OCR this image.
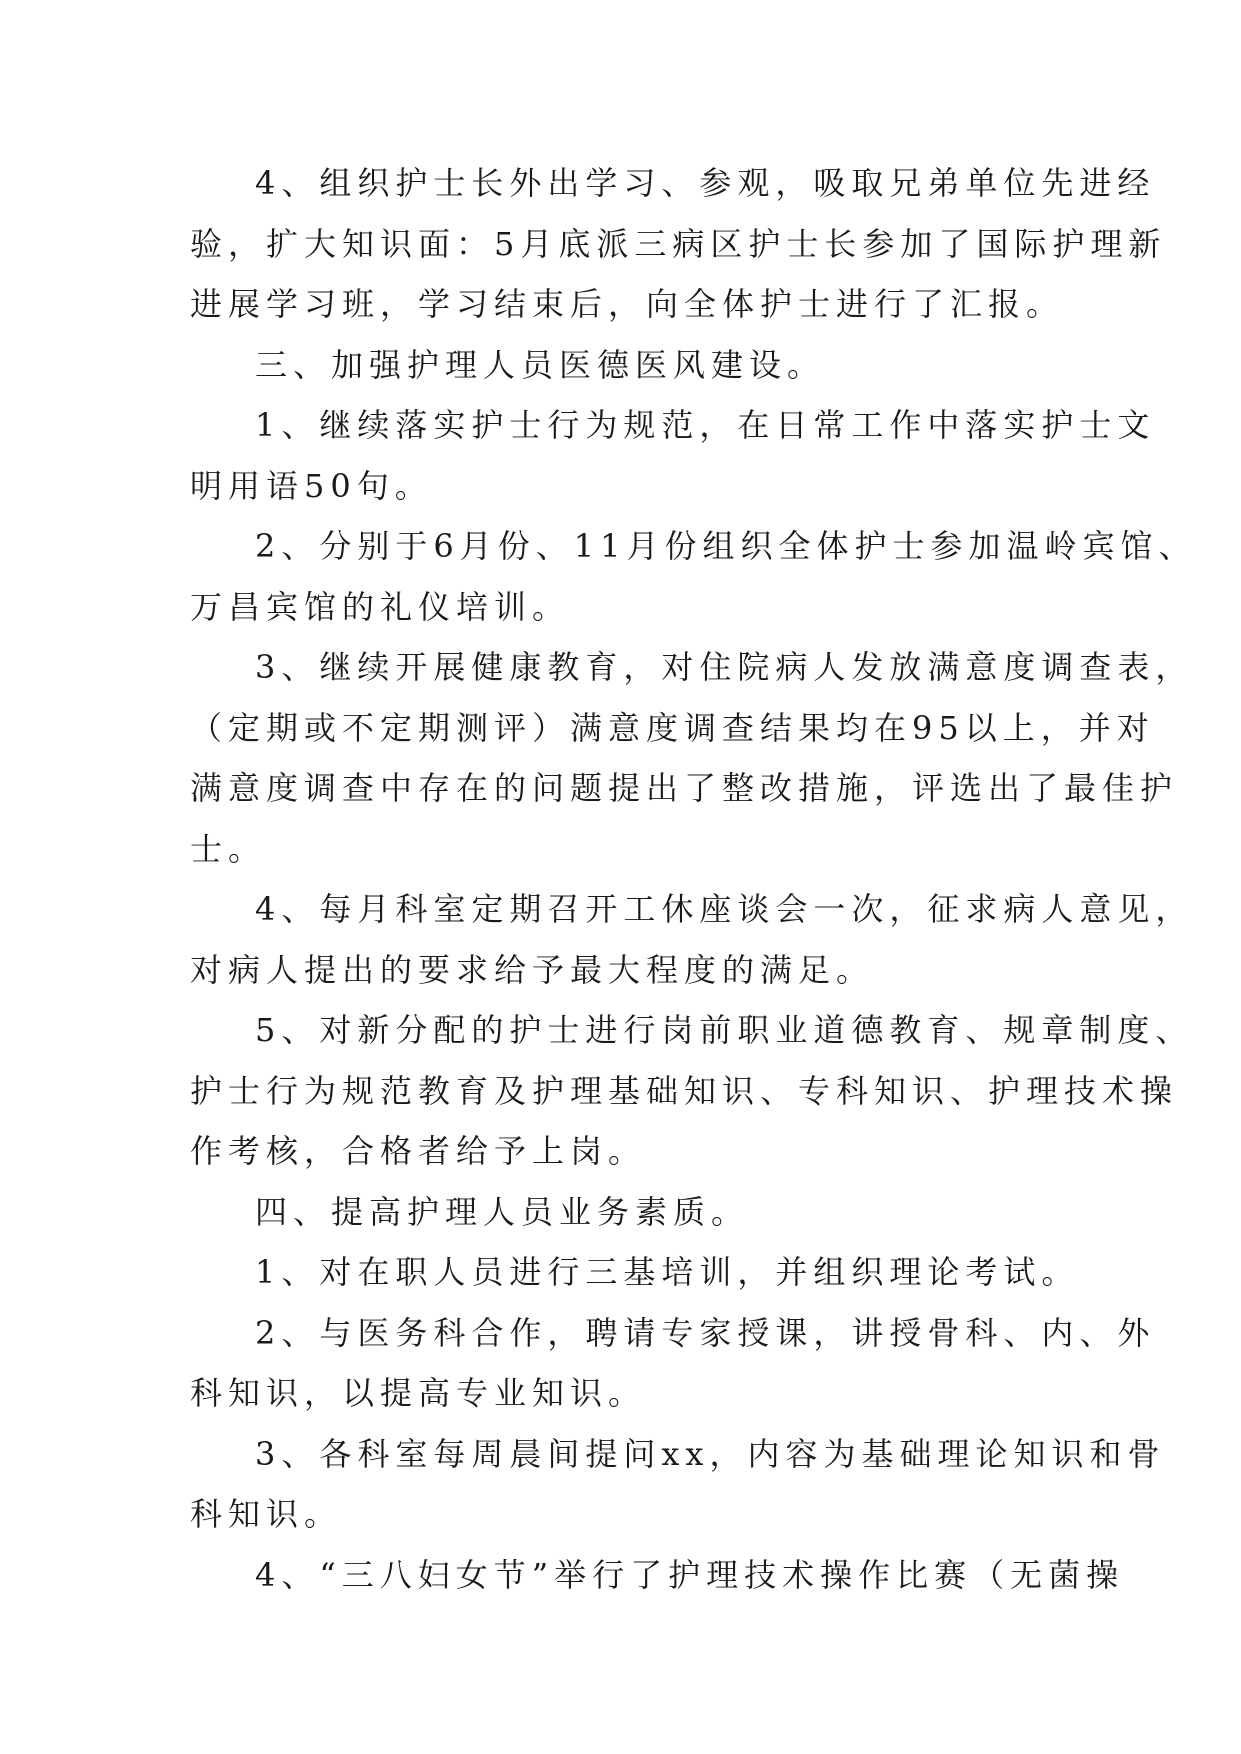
4、组织护士长外出学习、参观，吸取兄弟单位先进经
验，扩大知识面：5月底派三病区护士长参加了国际护理新
进展学习班，学习结束后，向全体护士进行了汇报。
三、加强护理人员医德医风建设。
1、继续落实护士行为规范，在日常工作中落实护士文
明用语50句。
2、分别于6月份、11月份组织全体护士参加温岭宾馆、
万昌宾馆的礼仪培训。
3、继续开展健康教育，对住院病人发放满意度调查表，
（定期或不定期测评）满意度调查结果均在95以上，并对
满意度调查中存在的问题提出了整改措施，评选出了最佳护
士。
4、每月科室定期召开工休座谈会一次，征求病人意见，
对病人提出的要求给予最大程度的满足。
5、对新分配的护士进行岗前职业道德教育、规章制度、
护士行为规范教育及护理基础知识、专科知识、护理技术操
作考核，合格者给予上岗。
四、提高护理人员业务素质。
1、对在职人员进行三基培训，并组织理论考试。
2、与医务科合作，聘请专家授课，讲授骨科、内、外
科知识，以提高专业知识。
3、各科室每周晨间提问xx，内容为基础理论知识和骨
科知识。
4、“三八妇女节”举行了护理技术操作比赛（无菌操
